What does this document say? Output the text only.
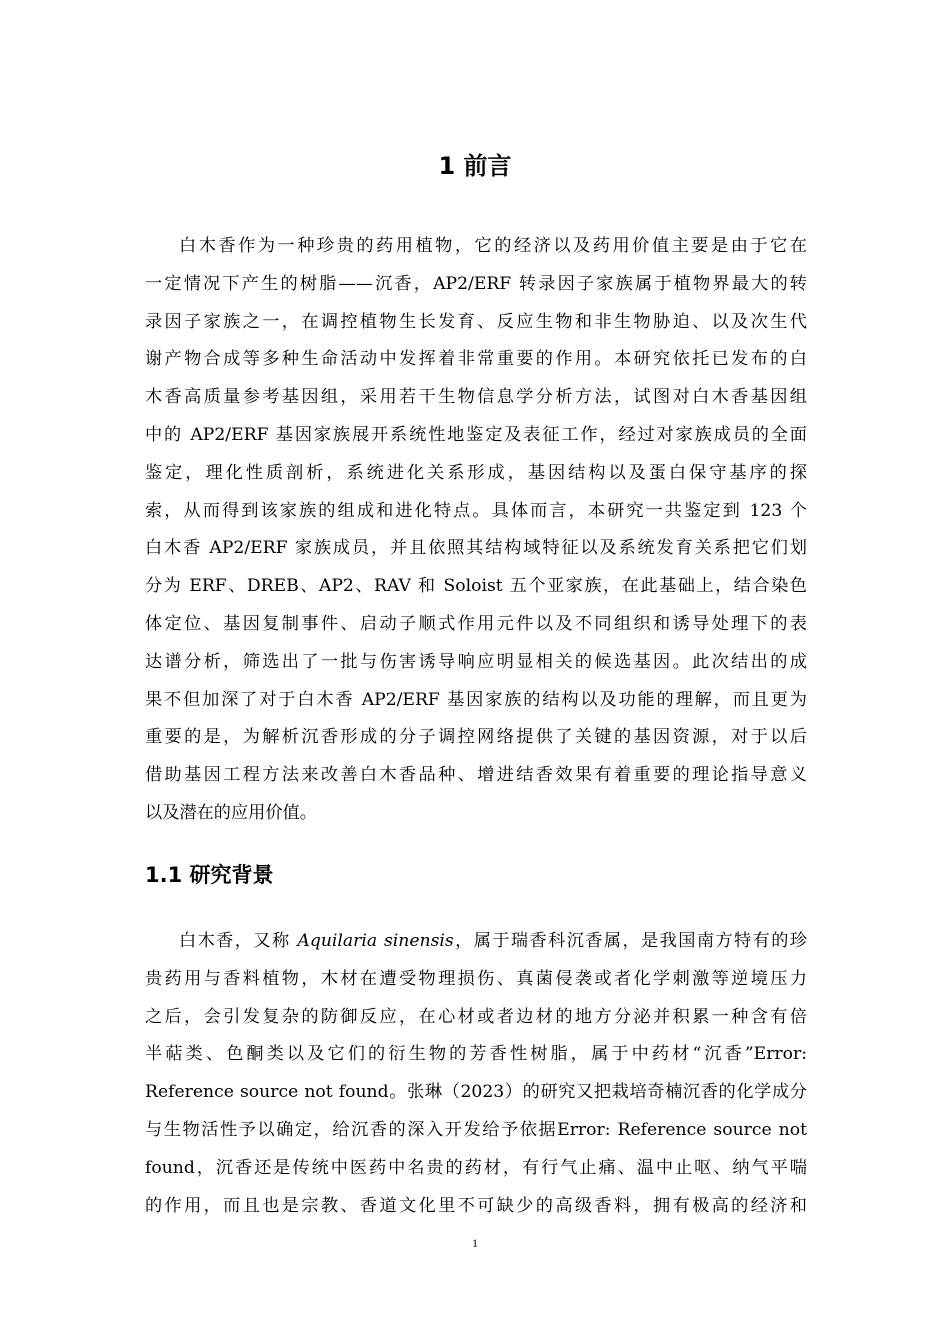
1 前言
白木香作为一种珍贵的药用植物，它的经济以及药用价值主要是由于它在
一定情况下产生的树脂——沉香，AP2/ERF 转录因子家族属于植物界最大的转
录因子家族之一，在调控植物生长发育、反应生物和非生物胁迫、以及次生代
谢产物合成等多种生命活动中发挥着非常重要的作用。本研究依托已发布的白
木香高质量参考基因组，采用若干生物信息学分析方法，试图对白木香基因组
中的 AP2/ERF 基因家族展开系统性地鉴定及表征工作，经过对家族成员的全面
鉴定，理化性质剖析，系统进化关系形成，基因结构以及蛋白保守基序的探
索，从而得到该家族的组成和进化特点。具体而言，本研究一共鉴定到 123 个
白木香 AP2/ERF 家族成员，并且依照其结构域特征以及系统发育关系把它们划
分为 ERF、DREB、AP2、RAV 和 Soloist 五个亚家族，在此基础上，结合染色
体定位、基因复制事件、启动子顺式作用元件以及不同组织和诱导处理下的表
达谱分析，筛选出了一批与伤害诱导响应明显相关的候选基因。此次结出的成
果不但加深了对于白木香 AP2/ERF 基因家族的结构以及功能的理解，而且更为
重要的是，为解析沉香形成的分子调控网络提供了关键的基因资源，对于以后
借助基因工程方法来改善白木香品种、增进结香效果有着重要的理论指导意义
以及潜在的应用价值。
1.1 研究背景
白木香，又称 Aquilaria sinensis，属于瑞香科沉香属，是我国南方特有的珍
贵药用与香料植物，木材在遭受物理损伤、真菌侵袭或者化学刺激等逆境压力
之后，会引发复杂的防御反应，在心材或者边材的地方分泌并积累一种含有倍
半萜类、色酮类以及它们的衍生物的芳香性树脂，属于中药材“沉香”Error:
Reference source not found。张琳（2023）的研究又把栽培奇楠沉香的化学成分
与生物活性予以确定，给沉香的深入开发给予依据Error: Reference source not
found，沉香还是传统中医药中名贵的药材，有行气止痛、温中止呕、纳气平喘
的作用，而且也是宗教、香道文化里不可缺少的高级香料，拥有极高的经济和
1
